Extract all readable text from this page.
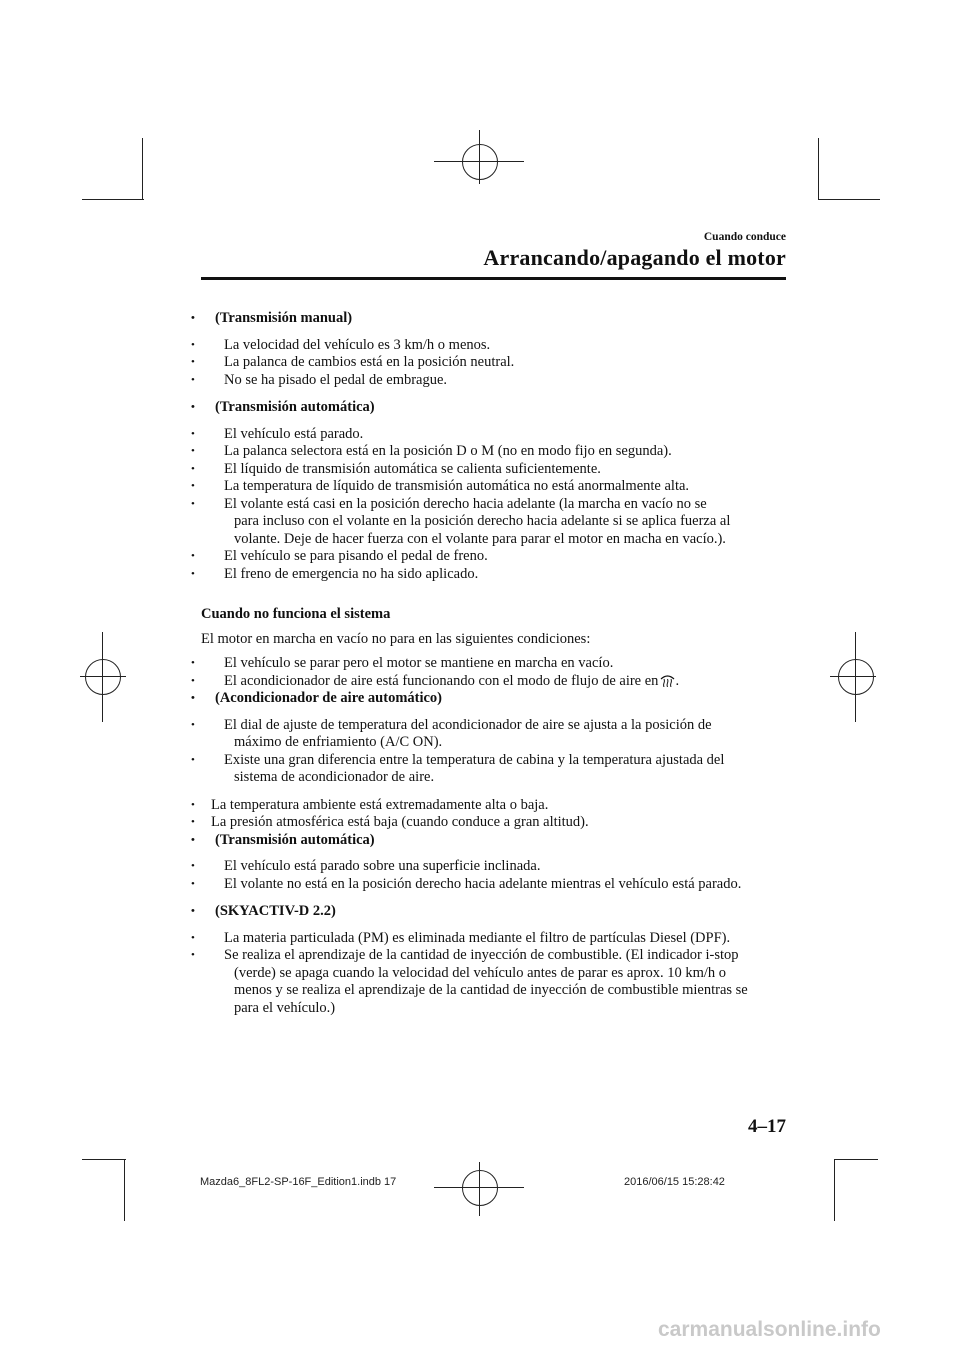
Cuando conduce
Arrancando/apagando el motor
• (Transmisión manual)
• La velocidad del vehículo es 3 km/h o menos.
• La palanca de cambios está en la posición neutral.
• No se ha pisado el pedal de embrague.
• (Transmisión automática)
• El vehículo está parado.
• La palanca selectora está en la posición D o M (no en modo fijo en segunda).
• El líquido de transmisión automática se calienta suficientemente.
• La temperatura de líquido de transmisión automática no está anormalmente alta.
• El volante está casi en la posición derecho hacia adelante (la marcha en vacío no se
para incluso con el volante en la posición derecho hacia adelante si se aplica fuerza al
volante. Deje de hacer fuerza con el volante para parar el motor en macha en vacío.).
• El vehículo se para pisando el pedal de freno.
• El freno de emergencia no ha sido aplicado.
Cuando no funciona el sistema
El motor en marcha en vacío no para en las siguientes condiciones:
• El vehículo se parar pero el motor se mantiene en marcha en vacío.
• El acondicionador de aire está funcionando con el modo de flujo de aire en .
• (Acondicionador de aire automático)
• El dial de ajuste de temperatura del acondicionador de aire se ajusta a la posición de
máximo de enfriamiento (A/C ON).
• Existe una gran diferencia entre la temperatura de cabina y la temperatura ajustada del
sistema de acondicionador de aire.
• La temperatura ambiente está extremadamente alta o baja.
• La presión atmosférica está baja (cuando conduce a gran altitud).
• (Transmisión automática)
• El vehículo está parado sobre una superficie inclinada.
• El volante no está en la posición derecho hacia adelante mientras el vehículo está parado.
• (SKYACTIV-D 2.2)
• La materia particulada (PM) es eliminada mediante el filtro de partículas Diesel (DPF).
• Se realiza el aprendizaje de la cantidad de inyección de combustible. (El indicador i-stop
(verde) se apaga cuando la velocidad del vehículo antes de parar es aprox. 10 km/h o
menos y se realiza el aprendizaje de la cantidad de inyección de combustible mientras se
para el vehículo.)
4–17
Mazda6_8FL2-SP-16F_Edition1.indb 17	2016/06/15 15:28:42
carmanualsonline.info
